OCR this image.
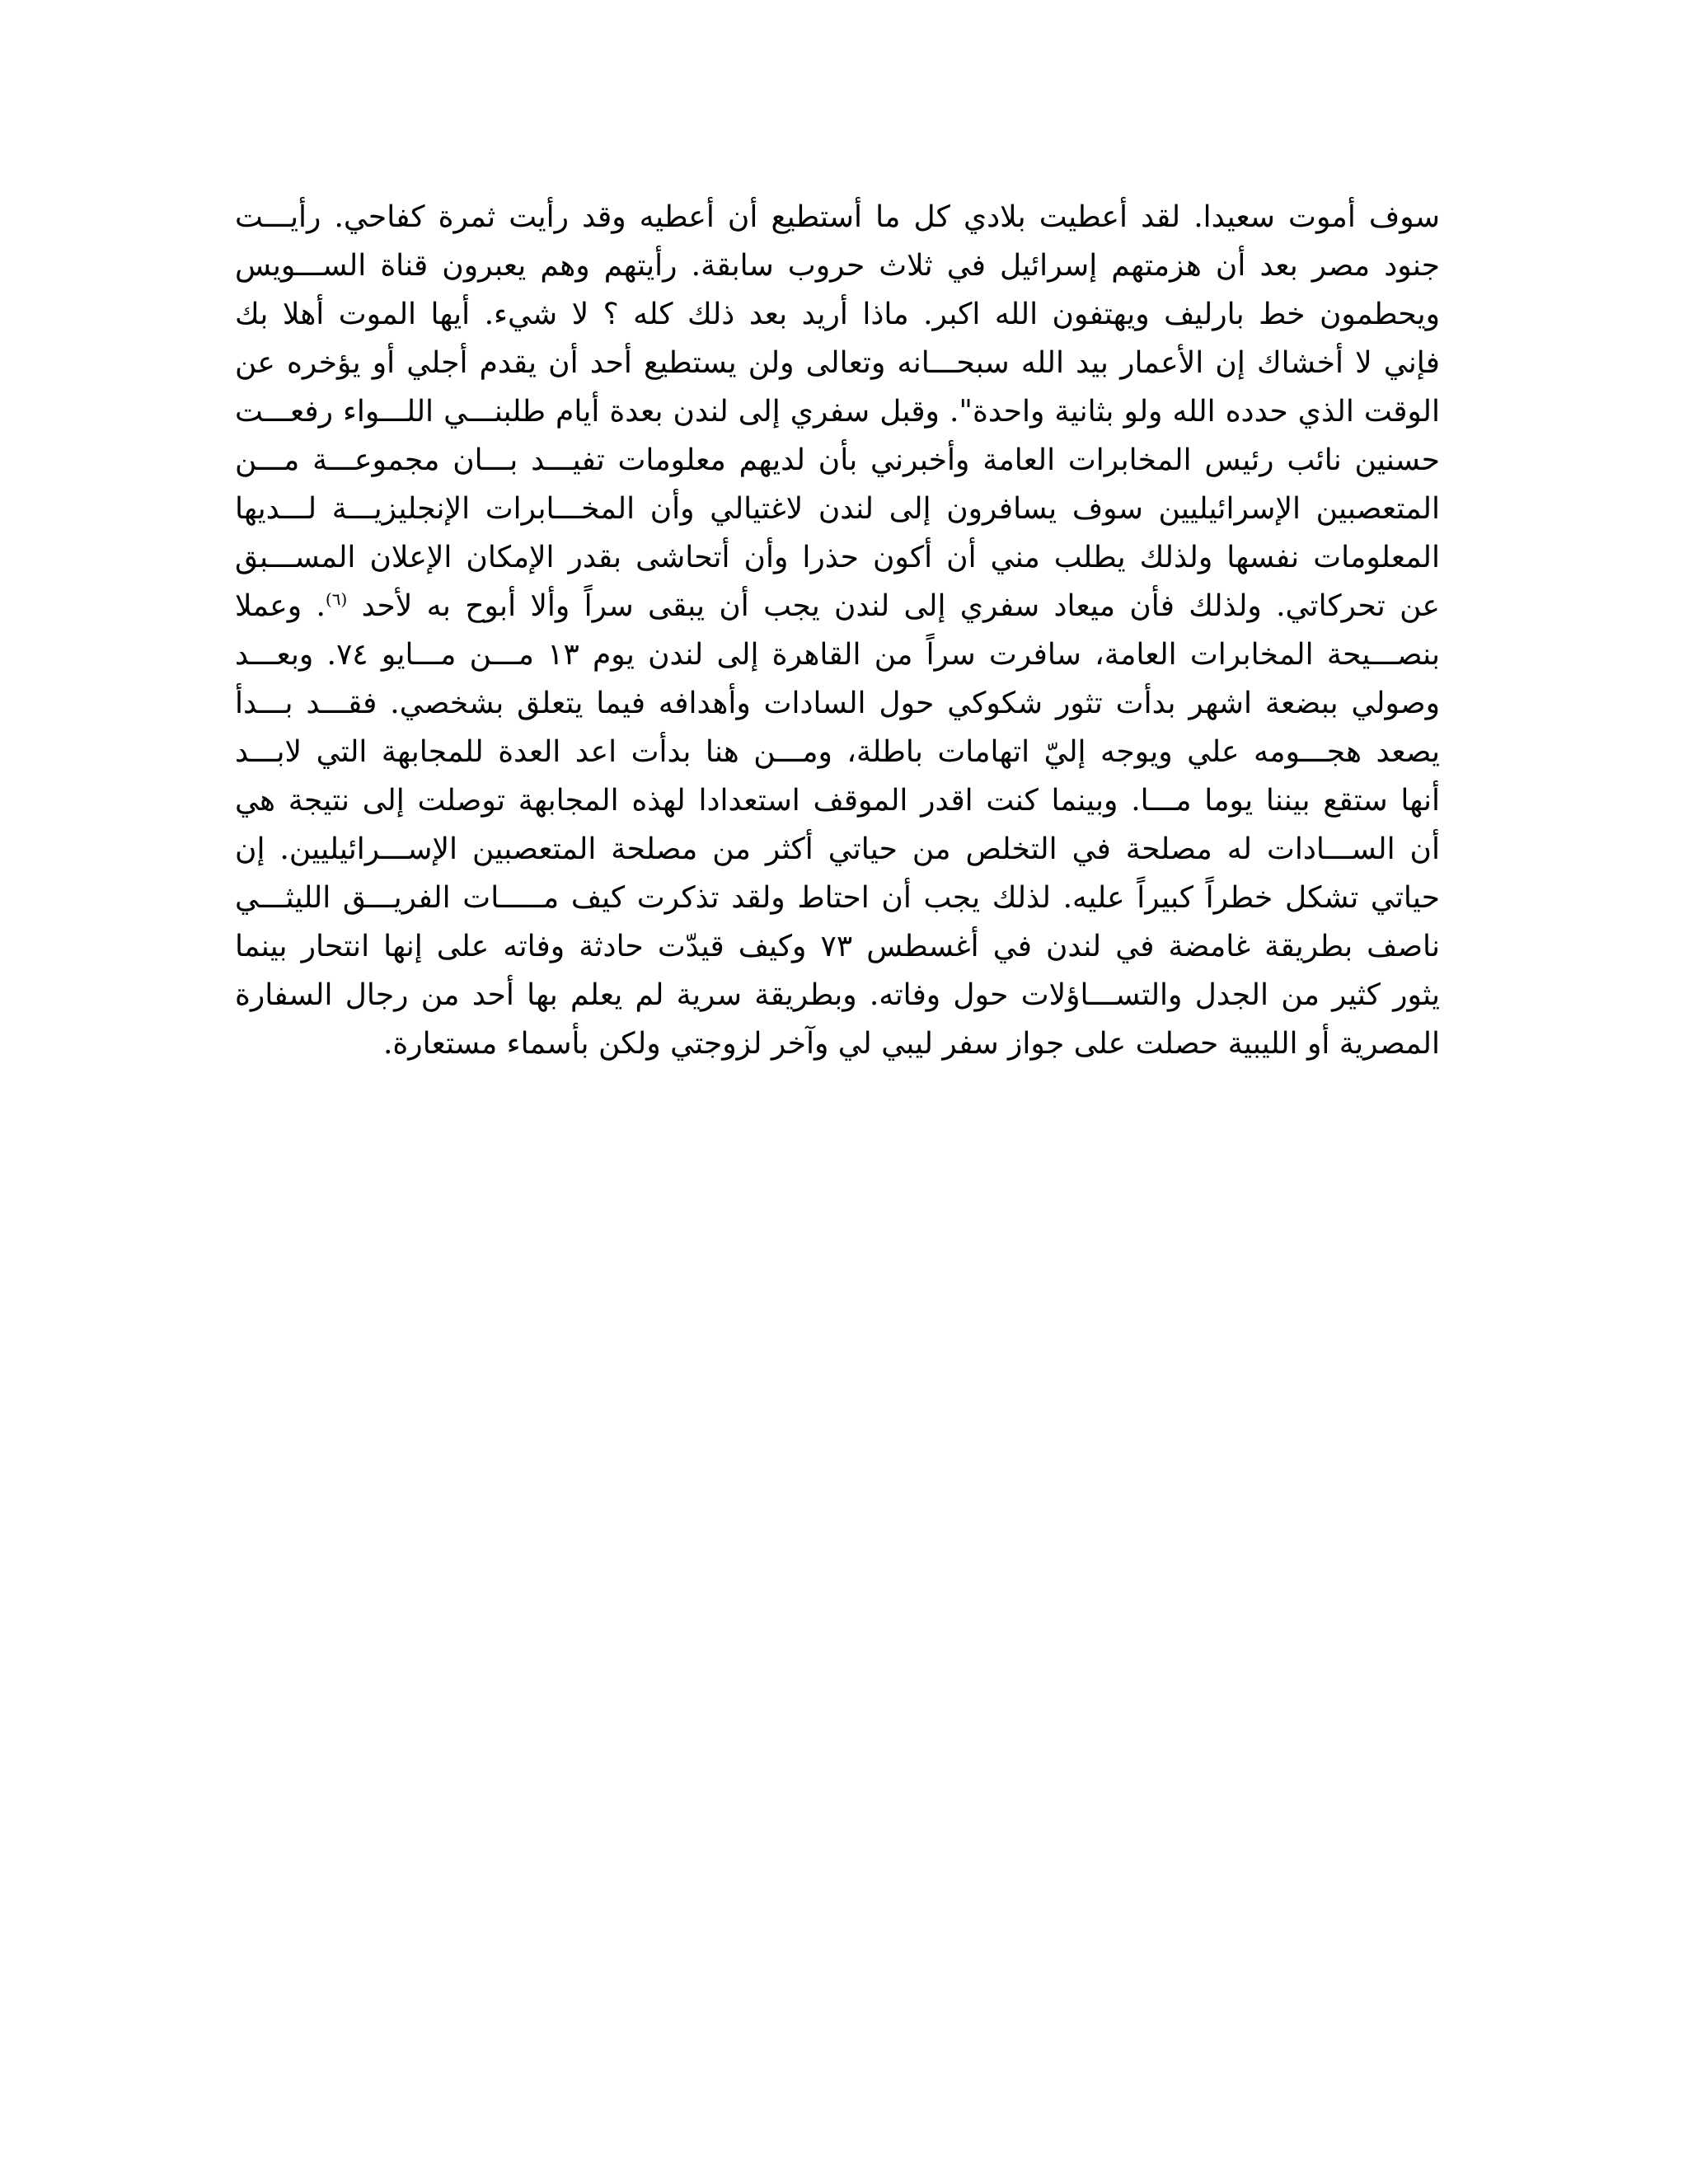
سوف أموت سعيدا. لقد أعطيت بلادي كل ما أستطيع أن أعطيه وقد رأيت ثمرة كفاحي. رأيـــت
جنود مصر بعد أن هزمتهم إسرائيل في ثلاث حروب سابقة. رأيتهم وهم يعبرون قناة الســـويس
ويحطمون خط بارليف ويهتفون الله اكبر. ماذا أريد بعد ذلك كله ؟ لا شيء. أيها الموت أهلا بك
فإني لا أخشاك إن الأعمار بيد الله سبحـــانه وتعالى ولن يستطيع أحد أن يقدم أجلي أو يؤخره عن
الوقت الذي حدده الله ولو بثانية واحدة". وقبل سفري إلى لندن بعدة أيام طلبنـــي اللـــواء رفعـــت
حسنين نائب رئيس المخابرات العامة وأخبرني بأن لديهم معلومات تفيـــد بـــان مجموعـــة مـــن
المتعصبين الإسرائيليين سوف يسافرون إلى لندن لاغتيالي وأن المخـــابرات الإنجليزيـــة لـــديها
المعلومات نفسها ولذلك يطلب مني أن أكون حذرا وأن أتحاشى بقدر الإمكان الإعلان المســـبق
عن تحركاتي. ولذلك فأن ميعاد سفري إلى لندن يجب أن يبقى سراً وألا أبوح به لأحد $^{(٦)}$. وعملا
بنصـــيحة المخابرات العامة، سافرت سراً من القاهرة إلى لندن يوم ١٣ مـــن مـــايو ٧٤. وبعـــد
وصولي ببضعة اشهر بدأت تثور شكوكي حول السادات وأهدافه فيما يتعلق بشخصي. فقـــد بـــدأ
يصعد هجـــومه علي ويوجه إليّ اتهامات باطلة، ومـــن هنا بدأت اعد العدة للمجابهة التي لابـــد
أنها ستقع بيننا يوما مـــا. وبينما كنت اقدر الموقف استعدادا لهذه المجابهة توصلت إلى نتيجة هي
أن الســـادات له مصلحة في التخلص من حياتي أكثر من مصلحة المتعصبين الإســـرائيليين. إن
حياتي تشكل خطراً كبيراً عليه. لذلك يجب أن احتاط ولقد تذكرت كيف مـــــات الفريـــق الليثـــي
ناصف بطريقة غامضة في لندن في أغسطس ٧٣ وكيف قيدّت حادثة وفاته على إنها انتحار بينما
يثور كثير من الجدل والتســـاؤلات حول وفاته. وبطريقة سرية لم يعلم بها أحد من رجال السفارة
المصرية أو الليبية حصلت على جواز سفر ليبي لي وآخر لزوجتي ولكن بأسماء مستعارة.
